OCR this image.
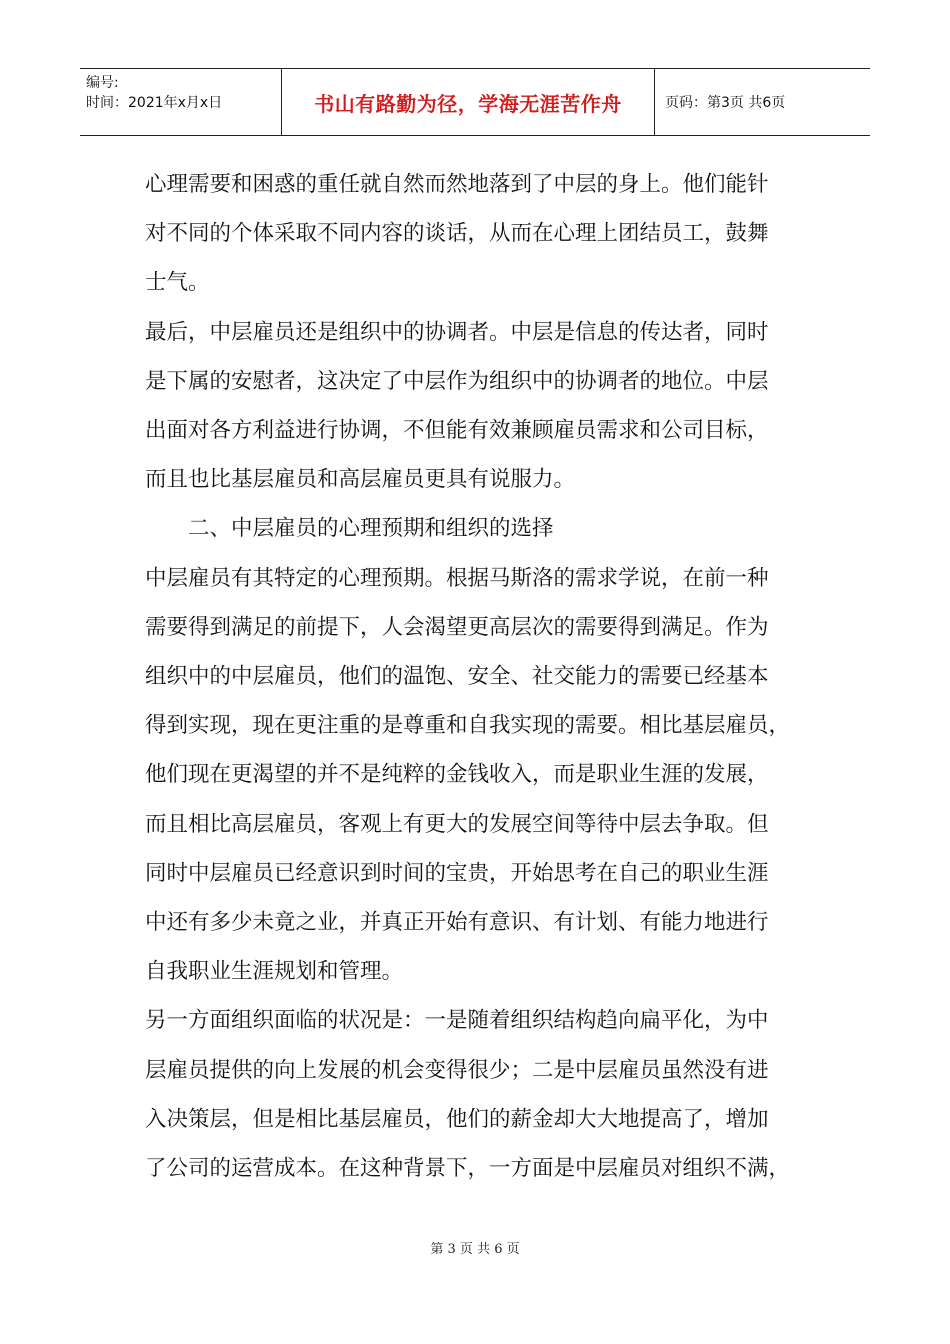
编号:
时间：2021年x月x日	书山有路勤为径，学海无涯苦作舟	页码：第3页 共6页

心理需要和困惑的重任就自然而然地落到了中层的身上。他们能针

对不同的个体采取不同内容的谈话，从而在心理上团结员工，鼓舞

士气。

最后，中层雇员还是组织中的协调者。中层是信息的传达者，同时

是下属的安慰者，这决定了中层作为组织中的协调者的地位。中层

出面对各方利益进行协调，不但能有效兼顾雇员需求和公司目标，

而且也比基层雇员和高层雇员更具有说服力。

二、中层雇员的心理预期和组织的选择

中层雇员有其特定的心理预期。根据马斯洛的需求学说，在前一种

需要得到满足的前提下，人会渴望更高层次的需要得到满足。作为

组织中的中层雇员，他们的温饱、安全、社交能力的需要已经基本

得到实现，现在更注重的是尊重和自我实现的需要。相比基层雇员，

他们现在更渴望的并不是纯粹的金钱收入，而是职业生涯的发展，

而且相比高层雇员，客观上有更大的发展空间等待中层去争取。但

同时中层雇员已经意识到时间的宝贵，开始思考在自己的职业生涯

中还有多少未竟之业，并真正开始有意识、有计划、有能力地进行

自我职业生涯规划和管理。

另一方面组织面临的状况是：一是随着组织结构趋向扁平化，为中

层雇员提供的向上发展的机会变得很少；二是中层雇员虽然没有进

入决策层，但是相比基层雇员，他们的薪金却大大地提高了，增加

了公司的运营成本。在这种背景下，一方面是中层雇员对组织不满，

第 3 页 共 6 页
